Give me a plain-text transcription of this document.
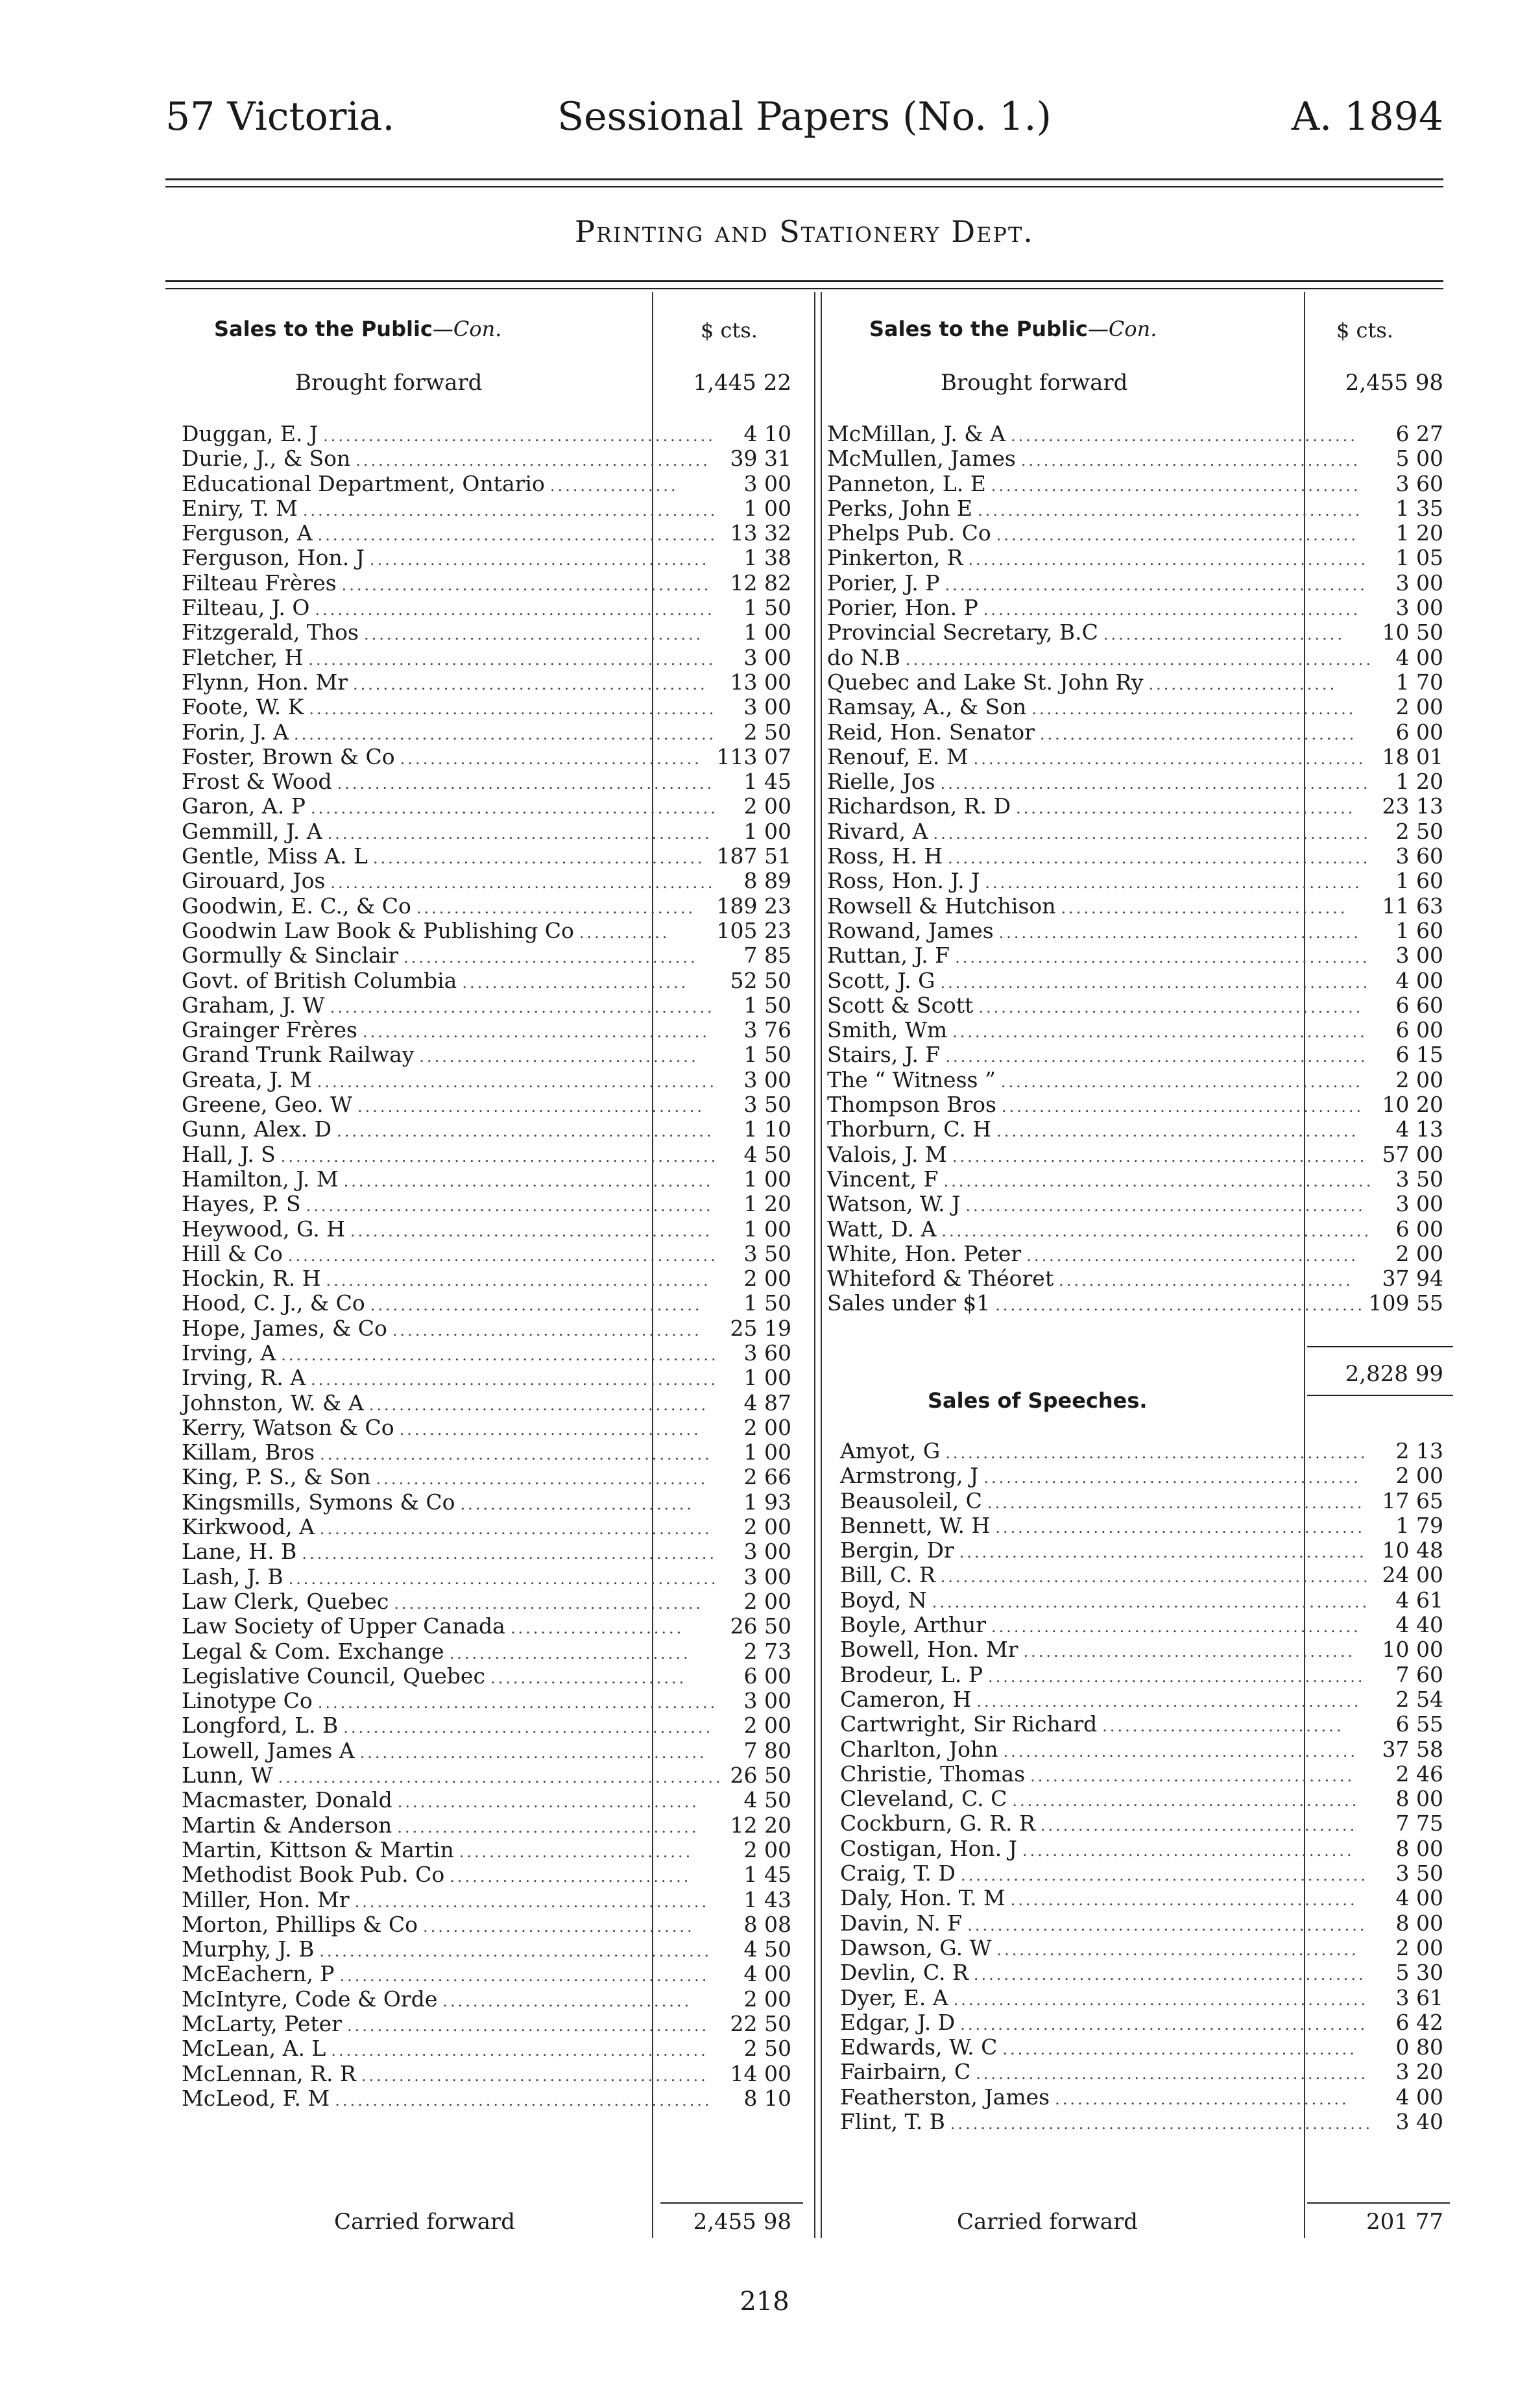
57 Victoria.	Sessional Papers (No. 1.)	A. 1894
Printing and Stationery Dept.
Sales to the Public—Con.	$ cts.
Brought forward	1,445 22
Duggan, E. J ....................................................	4 10
Durie, J., & Son ............................................... 39 31
Educational Department, Ontario .................	3 00
Eniry, T. M .......................................................	1 00
Ferguson, A ..................................................... 13 32
Ferguson, Hon. J .............................................	1 38
Filteau Frères ................................................. 12 82
Filteau, J. O .....................................................	1 50
Fitzgerald, Thos .............................................	1 00
Fletcher, H ......................................................	3 00
Flynn, Hon. Mr ...............................................	13 00
Foote, W. K ......................................................	3 00
Forin, J. A ........................................................	2 50
Foster, Brown & Co ........................................ 113 07
Frost & Wood ..................................................	1 45
Garon, A. P ......................................................	2 00
Gemmill, J. A ...................................................	1 00
Gentle, Miss A. L ............................................ 187 51
Girouard, Jos ...................................................	8 89
Goodwin, E. C., & Co ..................................... 189 23
Goodwin Law Book & Publishing Co ............	105 23
Gormully & Sinclair .......................................	7 85
Govt. of British Columbia ..............................	52 50
Graham, J. W ...................................................	1 50
Grainger Frères ..............................................	3 76
Grand Trunk Railway .....................................	1 50
Greata, J. M .....................................................	3 00
Greene, Geo. W ..............................................	3 50
Gunn, Alex. D ..................................................	1 10
Hall, J. S ..........................................................	4 50
Hamilton, J. M .................................................	1 00
Hayes, P. S ......................................................	1 20
Heywood, G. H ................................................	1 00
Hill & Co .........................................................	3 50
Hockin, R. H ...................................................	2 00
Hood, C. J., & Co ............................................	1 50
Hope, James, & Co .........................................	25 19
Irving, A ..........................................................	3 60
Irving, R. A ......................................................	1 00
Johnston, W. & A .............................................	4 87
Kerry, Watson & Co ........................................	2 00
Killam, Bros ....................................................	1 00
King, P. S., & Son ............................................	2 66
Kingsmills, Symons & Co ...............................	1 93
Kirkwood, A ....................................................	2 00
Lane, H. B .......................................................	3 00
Lash, J. B .........................................................	3 00
Law Clerk, Quebec .........................................	2 00
Law Society of Upper Canada .......................	26 50
Legal & Com. Exchange ................................	2 73
Legislative Council, Quebec ..........................	6 00
Linotype Co .....................................................	3 00
Longford, L. B .................................................	2 00
Lowell, James A ..............................................	7 80
Lunn, W ........................................................... 26 50
Macmaster, Donald ........................................	4 50
Martin & Anderson ........................................	12 20
Martin, Kittson & Martin ...............................	2 00
Methodist Book Pub. Co ................................	1 45
Miller, Hon. Mr ...............................................	1 43
Morton, Phillips & Co ....................................	8 08
Murphy, J. B ....................................................	4 50
McEachern, P .................................................	4 00
McIntyre, Code & Orde .................................	2 00
McLarty, Peter ................................................ 22 50
McLean, A. L ..................................................	2 50
McLennan, R. R ..............................................	14 00
McLeod, F. M ..................................................	8 10
Carried forward	2,455 98
Sales to the Public—Con.	$ cts.
Brought forward	2,455 98
McMillan, J. & A ..............................................	6 27
McMullen, James .............................................	5 00
Panneton, L. E .................................................	3 60
Perks, John E ...................................................	1 35
Phelps Pub. Co ................................................	1 20
Pinkerton, R .....................................................	1 05
Porier, J. P ........................................................	3 00
Porier, Hon. P ..................................................	3 00
Provincial Secretary, B.C ................................	10 50
do N.B ..............................................................	4 00
Quebec and Lake St. John Ry .........................	1 70
Ramsay, A., & Son ...........................................	2 00
Reid, Hon. Senator ..........................................	6 00
Renouf, E. M .................................................... 18 01
Rielle, Jos .........................................................	1 20
Richardson, R. D .............................................	23 13
Rivard, A ..........................................................	2 50
Ross, H. H ........................................................	3 60
Ross, Hon. J. J ..................................................	1 60
Rowsell & Hutchison ......................................	11 63
Rowand, James ................................................	1 60
Ruttan, J. F .......................................................	3 00
Scott, J. G .........................................................	4 00
Scott & Scott ...................................................	6 60
Smith, Wm .......................................................	6 00
Stairs, J. F ........................................................	6 15
The “ Witness ” ................................................	2 00
Thompson Bros ................................................ 10 20
Thorburn, C. H ................................................	4 13
Valois, J. M ....................................................... 57 00
Vincent, F .........................................................	3 50
Watson, W. J .....................................................	3 00
Watt, D. A .........................................................	6 00
White, Hon. Peter ............................................	2 00
Whiteford & Théoret .......................................	37 94
Sales under $1 ................................................. 109 55
2,828 99
Sales of Speeches.
Amyot, G ........................................................	2 13
Armstrong, J ..................................................	2 00
Beausoleil, C .................................................. 17 65
Bennett, W. H .................................................	1 79
Bergin, Dr ...................................................... 10 48
Bill, C. R ......................................................... 24 00
Boyd, N ..........................................................	4 61
Boyle, Arthur .................................................	4 40
Bowell, Hon. Mr ............................................	10 00
Brodeur, L. P ..................................................	7 60
Cameron, H ...................................................	2 54
Cartwright, Sir Richard ................................	6 55
Charlton, John ...............................................	37 58
Christie, Thomas ...........................................	2 46
Cleveland, C. C ..............................................	8 00
Cockburn, G. R. R ..........................................	7 75
Costigan, Hon. J ............................................	8 00
Craig, T. D ......................................................	3 50
Daly, Hon. T. M ..............................................	4 00
Davin, N. F .....................................................	8 00
Dawson, G. W ................................................	2 00
Devlin, C. R ....................................................	5 30
Dyer, E. A .......................................................	3 61
Edgar, J. D ......................................................	6 42
Edwards, W. C ...............................................	0 80
Fairbairn, C ....................................................	3 20
Featherston, James .......................................	4 00
Flint, T. B ........................................................	3 40
Carried forward	201 77
218
